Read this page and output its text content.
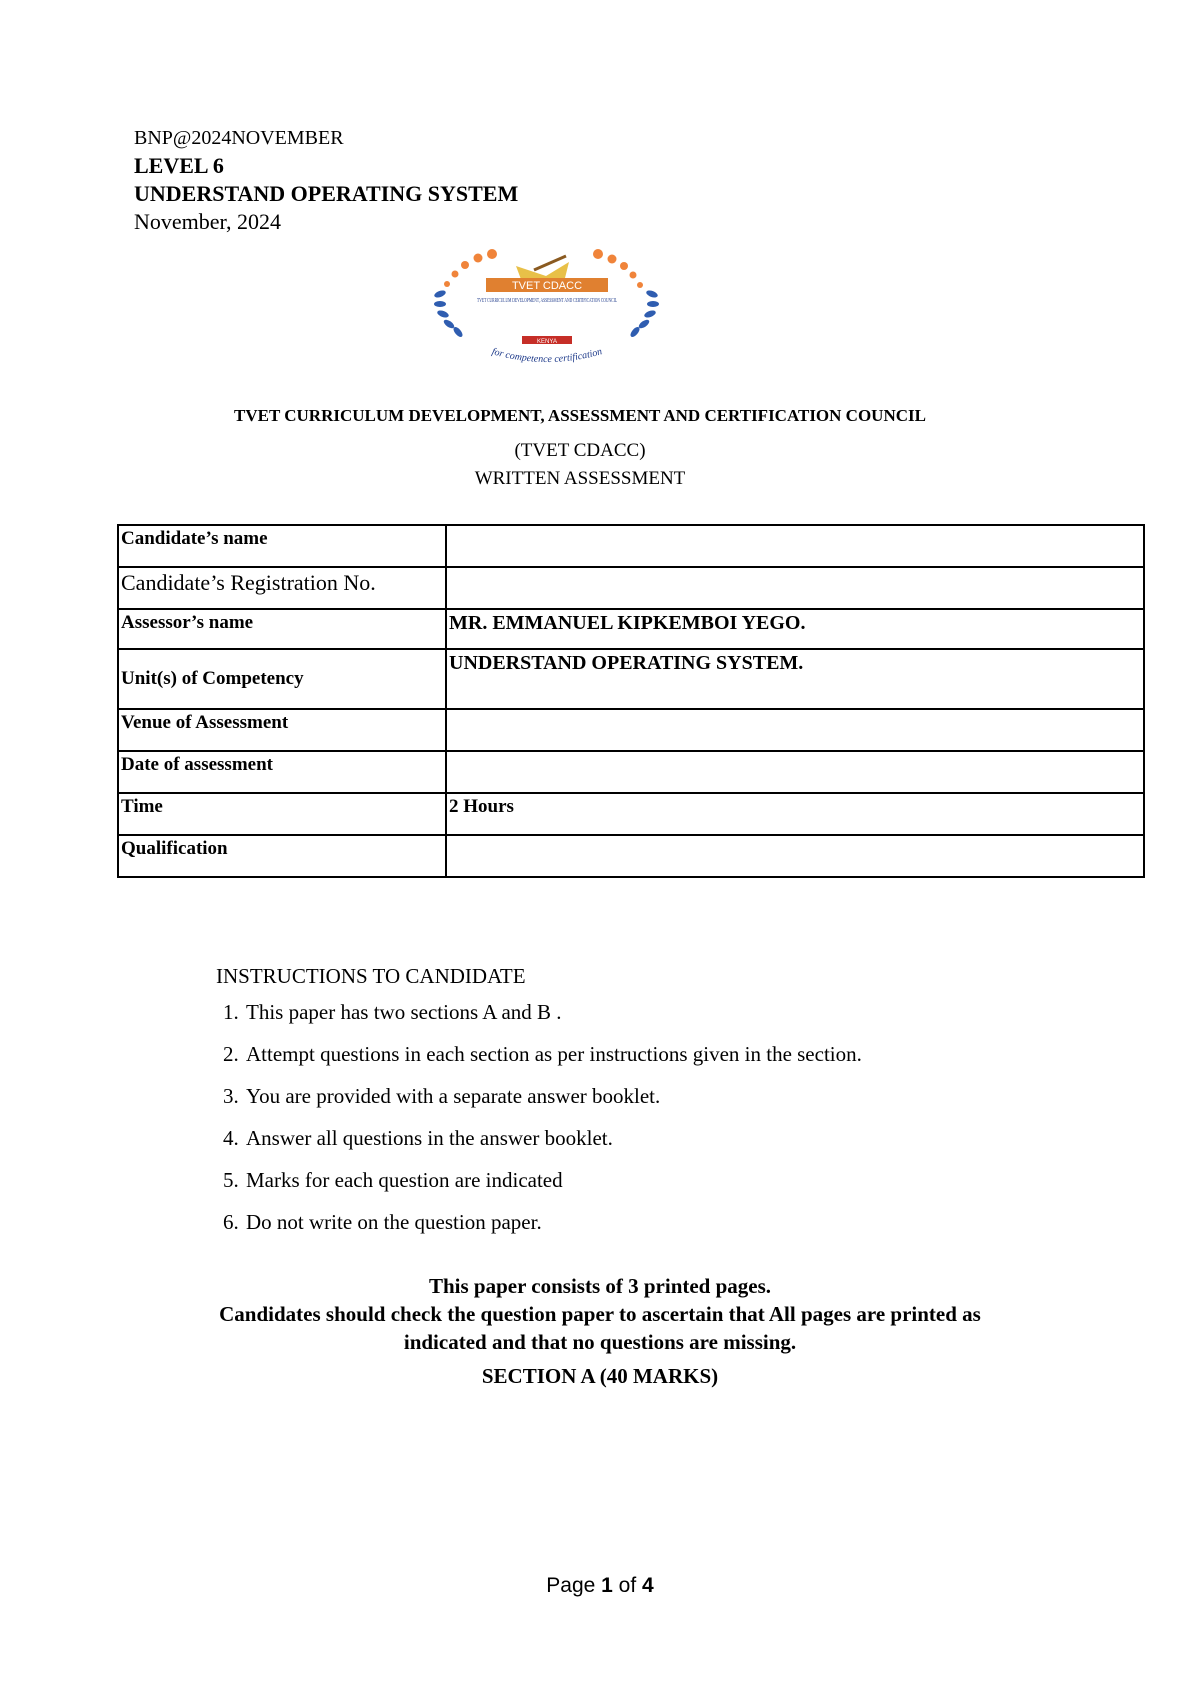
BNP@2024NOVEMBER
LEVEL 6
UNDERSTAND OPERATING SYSTEM
November, 2024
TVET CDACC
TVET CURRICULUM DEVELOPMENT, ASSESSMENT AND CERTIFICATION COUNCIL
KENYA
for competence certification
TVET CURRICULUM DEVELOPMENT, ASSESSMENT AND CERTIFICATION COUNCIL
(TVET CDACC)
WRITTEN ASSESSMENT
Candidate’s name	
Candidate’s Registration No.	
Assessor’s name	MR. EMMANUEL KIPKEMBOI YEGO.
Unit(s) of Competency	UNDERSTAND OPERATING SYSTEM.
Venue of Assessment	
Date of assessment	
Time	2 Hours
Qualification	
INSTRUCTIONS TO CANDIDATE
1. This paper has two sections A and B .
2. Attempt questions in each section as per instructions given in the section.
3. You are provided with a separate answer booklet.
4. Answer all questions in the answer booklet.
5. Marks for each question are indicated
6. Do not write on the question paper.
This paper consists of 3 printed pages.
Candidates should check the question paper to ascertain that All pages are printed as
indicated and that no questions are missing.
SECTION A (40 MARKS)
Page 1 of 4
